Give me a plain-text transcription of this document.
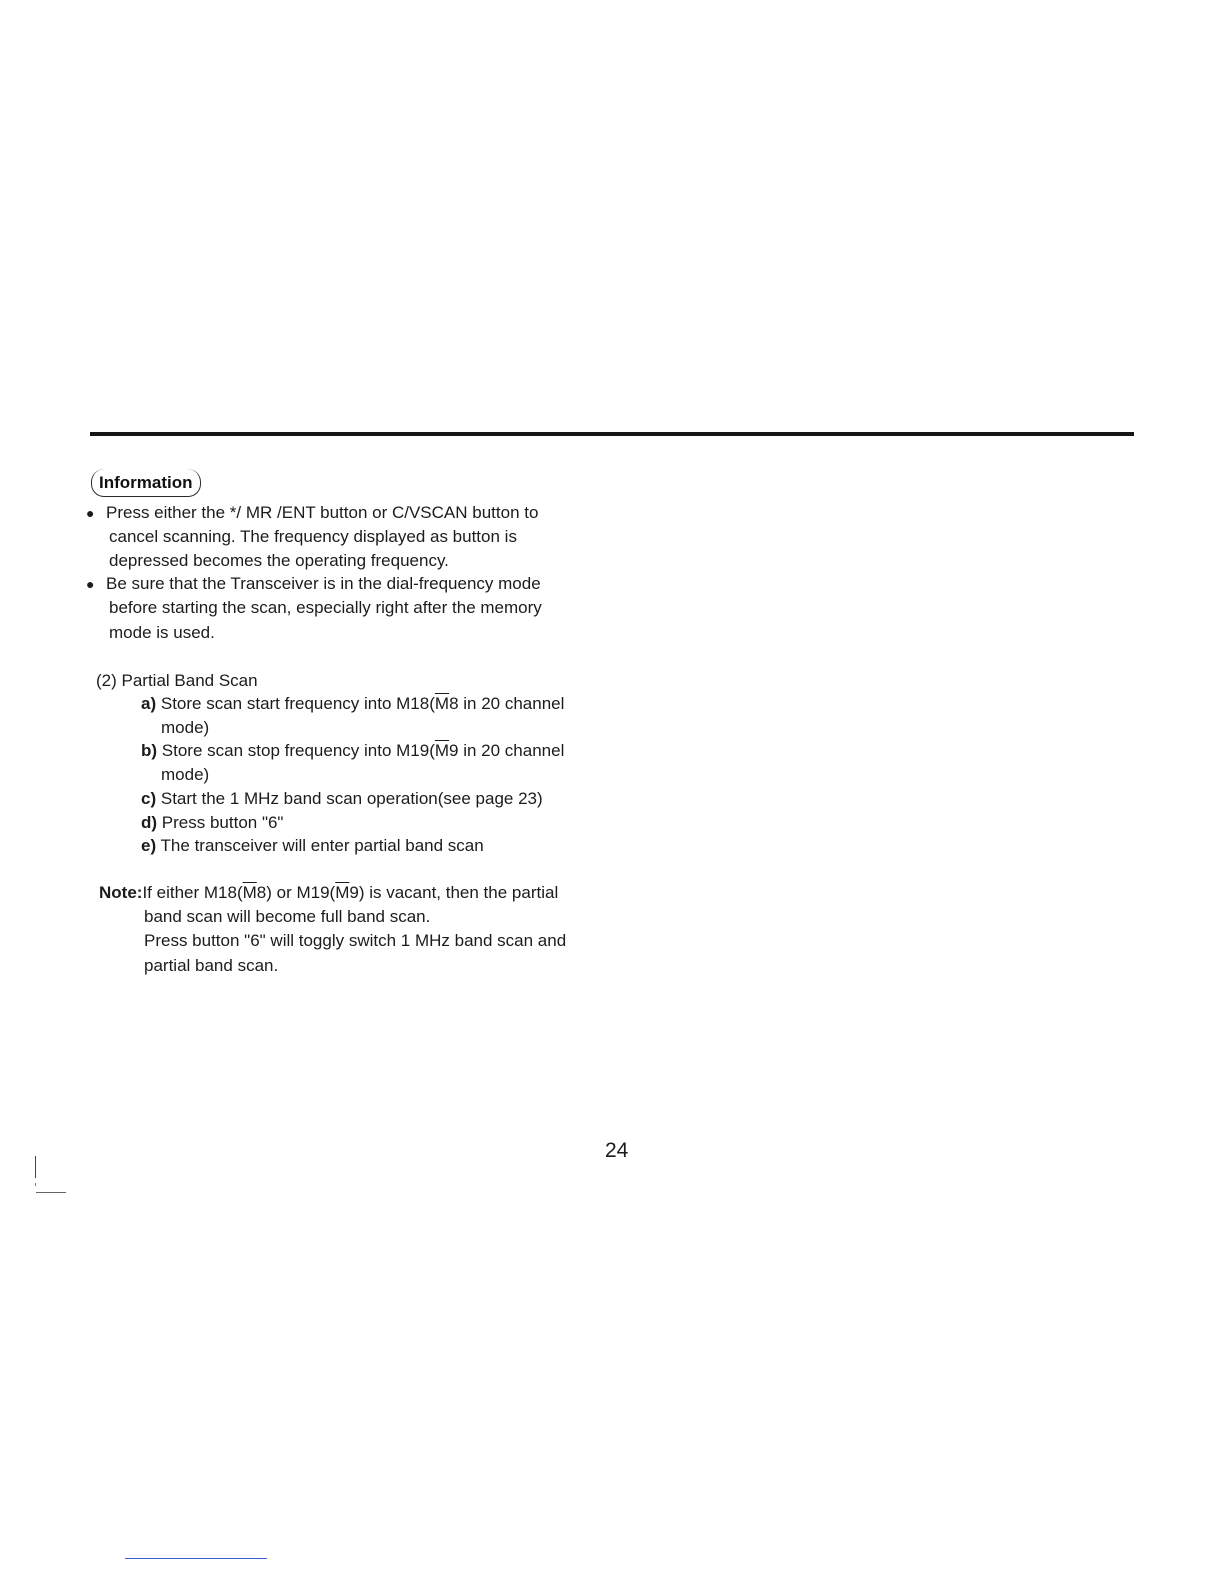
Information
● Press either the */ MR /ENT button or C/VSCAN button to
cancel scanning. The frequency displayed as button is
depressed becomes the operating frequency.
● Be sure that the Transceiver is in the dial-frequency mode
before starting the scan, especially right after the memory
mode is used.
(2) Partial Band Scan
a) Store scan start frequency into $M18(\overline{M}8$ in 20 channel
mode)
b) Store scan stop frequency into $M19(\overline{M}9$ in 20 channel
mode)
c) Start the 1 MHz band scan operation(see page 23)
d) Press button "6"
e) The transceiver will enter partial band scan
Note:If either $M18(\overline{M}8)$ or $M19(\overline{M}9)$ is vacant, then the partial
band scan will become full band scan.
Press button "6" will toggly switch 1 MHz band scan and
partial band scan.
24
